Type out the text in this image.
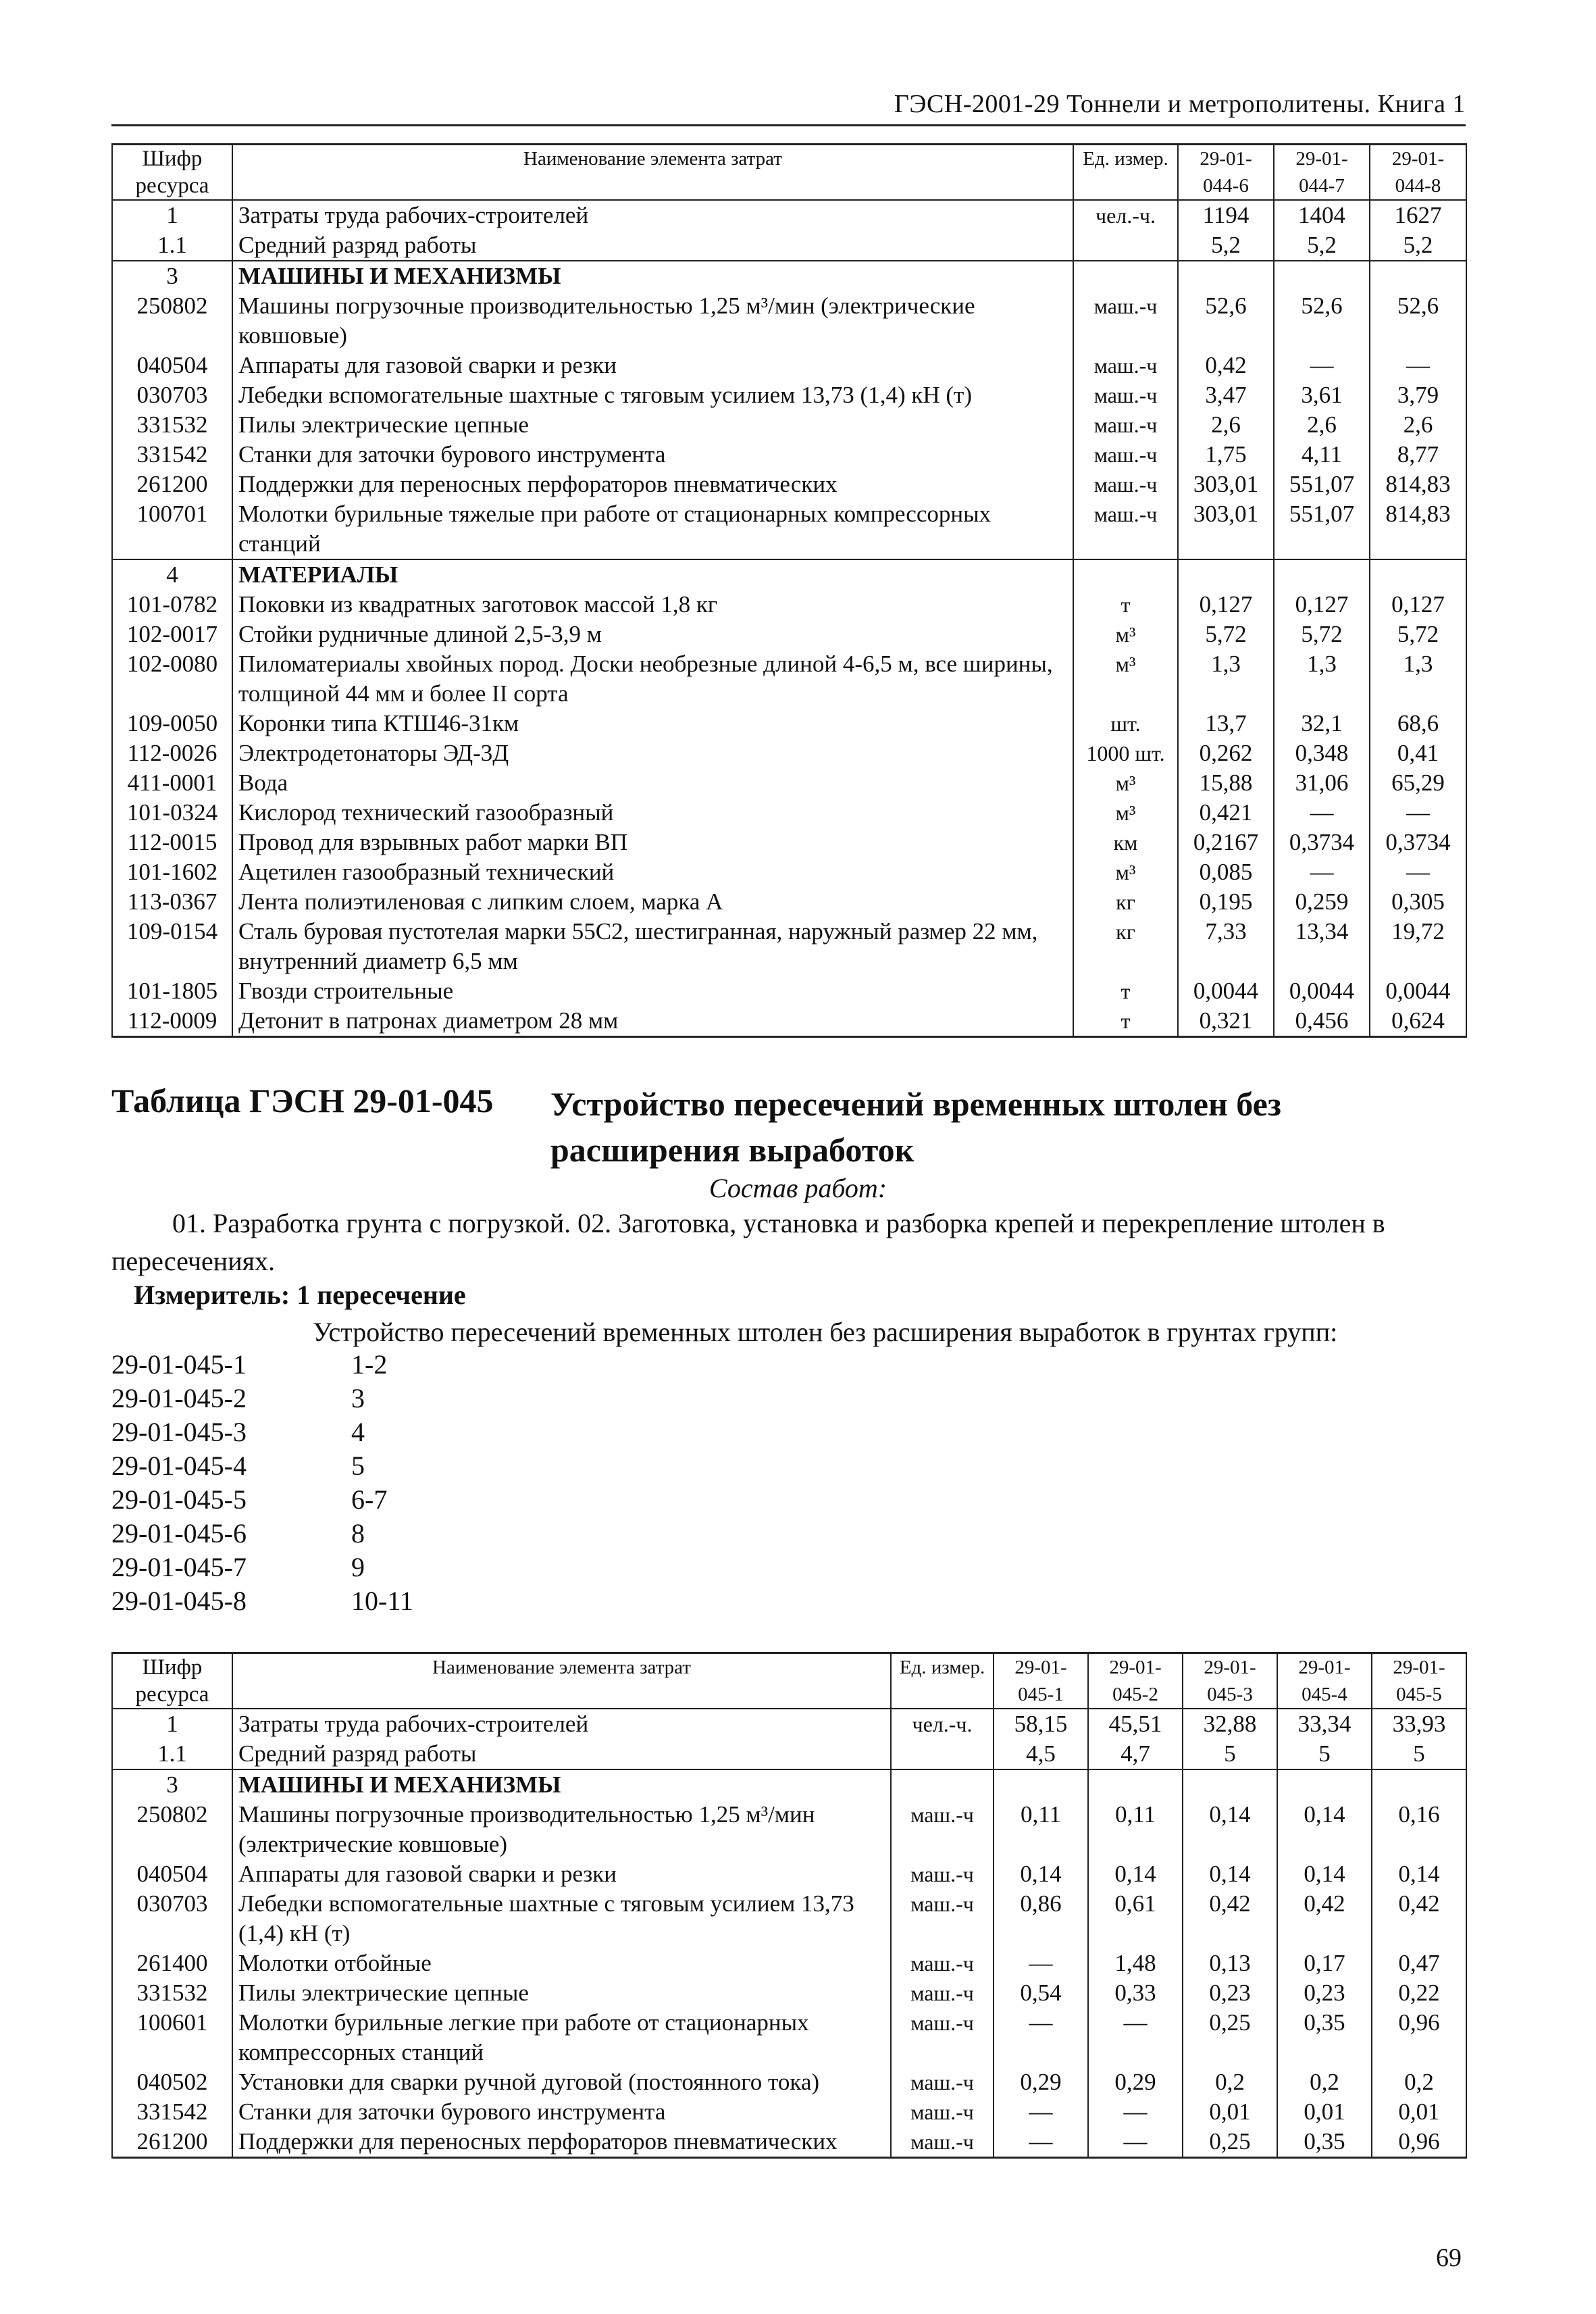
ГЭСН-2001-29 Тоннели и метрополитены. Книга 1
Шифр ресурса	Наименование элемента затрат	Ед. измер.	29-01-044-6	29-01-044-7	29-01-044-8
1	Затраты труда рабочих-строителей	чел.-ч.	1194	1404	1627
1.1	Средний разряд работы		5,2	5,2	5,2
3	МАШИНЫ И МЕХАНИЗМЫ				
250802	Машины погрузочные производительностью 1,25 м³/мин (электрические ковшовые)	маш.-ч	52,6	52,6	52,6
040504	Аппараты для газовой сварки и резки	маш.-ч	0,42	—	—
030703	Лебедки вспомогательные шахтные с тяговым усилием 13,73 (1,4) кН (т)	маш.-ч	3,47	3,61	3,79
331532	Пилы электрические цепные	маш.-ч	2,6	2,6	2,6
331542	Станки для заточки бурового инструмента	маш.-ч	1,75	4,11	8,77
261200	Поддержки для переносных перфораторов пневматических	маш.-ч	303,01	551,07	814,83
100701	Молотки бурильные тяжелые при работе от стационарных компрессорных станций	маш.-ч	303,01	551,07	814,83
4	МАТЕРИАЛЫ				
101-0782	Поковки из квадратных заготовок массой 1,8 кг	т	0,127	0,127	0,127
102-0017	Стойки рудничные длиной 2,5-3,9 м	м³	5,72	5,72	5,72
102-0080	Пиломатериалы хвойных пород. Доски необрезные длиной 4-6,5 м, все ширины, толщиной 44 мм и более II сорта	м³	1,3	1,3	1,3
109-0050	Коронки типа КТШ46-31км	шт.	13,7	32,1	68,6
112-0026	Электродетонаторы ЭД-3Д	1000 шт.	0,262	0,348	0,41
411-0001	Вода	м³	15,88	31,06	65,29
101-0324	Кислород технический газообразный	м³	0,421	—	—
112-0015	Провод для взрывных работ марки ВП	км	0,2167	0,3734	0,3734
101-1602	Ацетилен газообразный технический	м³	0,085	—	—
113-0367	Лента полиэтиленовая с липким слоем, марка А	кг	0,195	0,259	0,305
109-0154	Сталь буровая пустотелая марки 55С2, шестигранная, наружный размер 22 мм, внутренний диаметр 6,5 мм	кг	7,33	13,34	19,72
101-1805	Гвозди строительные	т	0,0044	0,0044	0,0044
112-0009	Детонит в патронах диаметром 28 мм	т	0,321	0,456	0,624
Таблица ГЭСН 29-01-045 Устройство пересечений временных штолен без расширения выработок
Состав работ:
01. Разработка грунта с погрузкой. 02. Заготовка, установка и разборка крепей и перекрепление штолен в пересечениях.
Измеритель: 1 пересечение
Устройство пересечений временных штолен без расширения выработок в грунтах групп:
29-01-045-1	1-2
29-01-045-2	3
29-01-045-3	4
29-01-045-4	5
29-01-045-5	6-7
29-01-045-6	8
29-01-045-7	9
29-01-045-8	10-11
Шифр ресурса	Наименование элемента затрат	Ед. измер.	29-01-045-1	29-01-045-2	29-01-045-3	29-01-045-4	29-01-045-5
1	Затраты труда рабочих-строителей	чел.-ч.	58,15	45,51	32,88	33,34	33,93
1.1	Средний разряд работы		4,5	4,7	5	5	5
3	МАШИНЫ И МЕХАНИЗМЫ						
250802	Машины погрузочные производительностью 1,25 м³/мин (электрические ковшовые)	маш.-ч	0,11	0,11	0,14	0,14	0,16
040504	Аппараты для газовой сварки и резки	маш.-ч	0,14	0,14	0,14	0,14	0,14
030703	Лебедки вспомогательные шахтные с тяговым усилием 13,73 (1,4) кН (т)	маш.-ч	0,86	0,61	0,42	0,42	0,42
261400	Молотки отбойные	маш.-ч	—	1,48	0,13	0,17	0,47
331532	Пилы электрические цепные	маш.-ч	0,54	0,33	0,23	0,23	0,22
100601	Молотки бурильные легкие при работе от стационарных компрессорных станций	маш.-ч	—	—	0,25	0,35	0,96
040502	Установки для сварки ручной дуговой (постоянного тока)	маш.-ч	0,29	0,29	0,2	0,2	0,2
331542	Станки для заточки бурового инструмента	маш.-ч	—	—	0,01	0,01	0,01
261200	Поддержки для переносных перфораторов пневматических	маш.-ч	—	—	0,25	0,35	0,96
69
